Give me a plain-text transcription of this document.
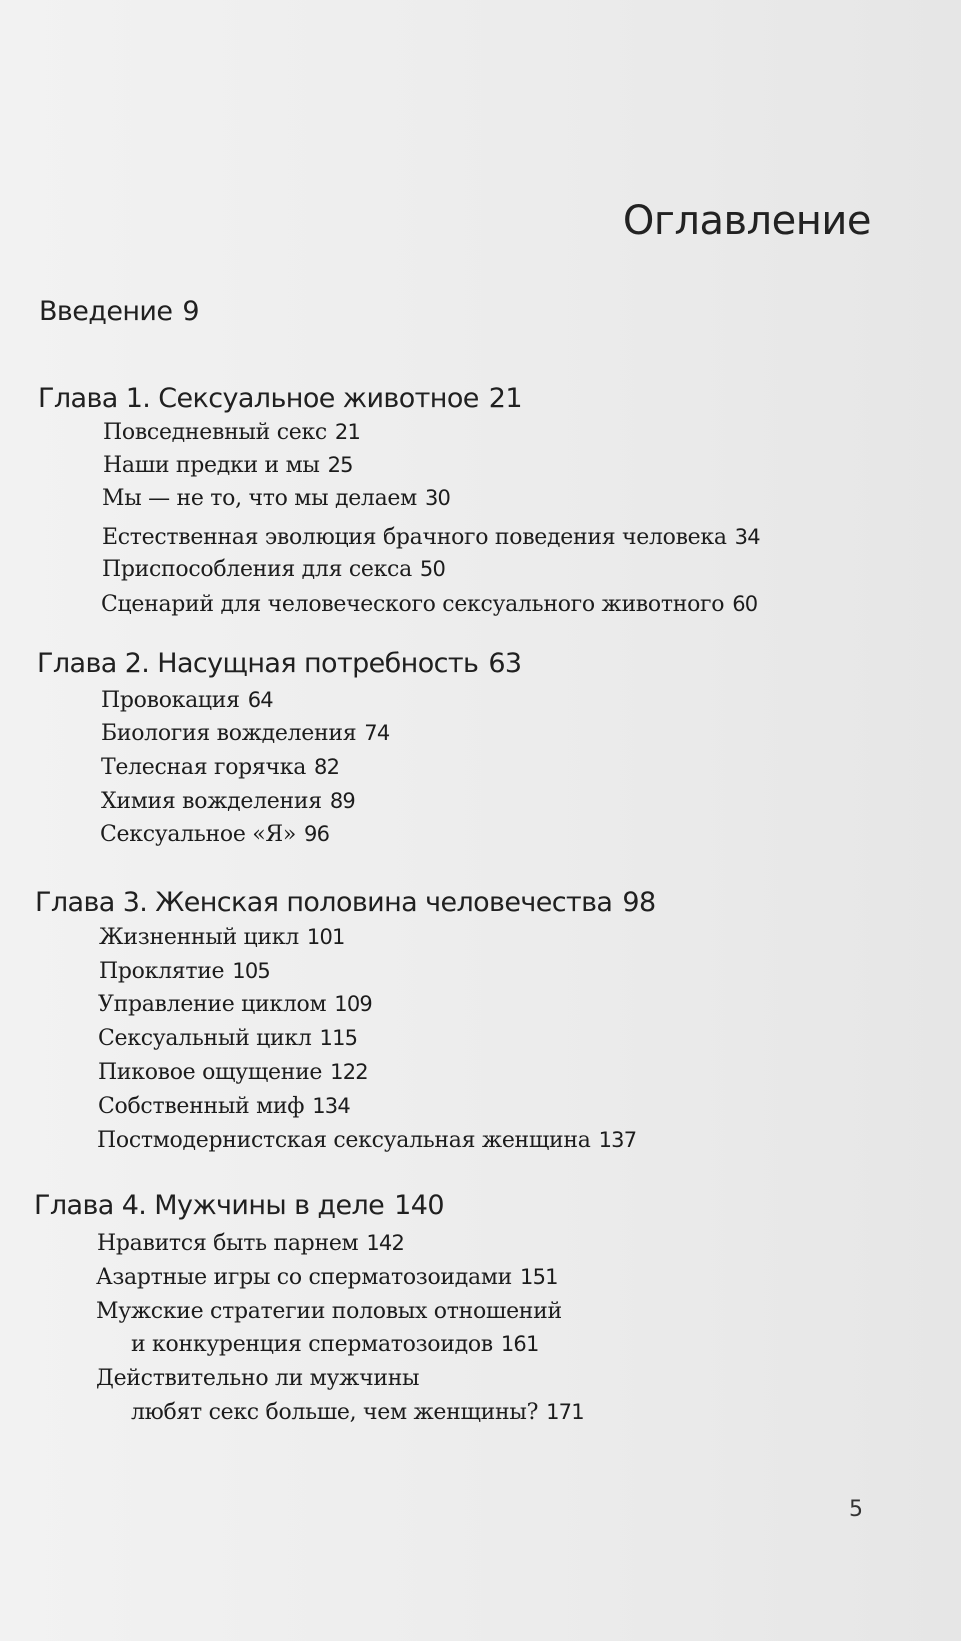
Оглавление
Введение 9
Глава 1. Сексуальное животное 21
Повседневный секс 21
Наши предки и мы 25
Мы — не то, что мы делаем 30
Естественная эволюция брачного поведения человека 34
Приспособления для секса 50
Сценарий для человеческого сексуального животного 60
Глава 2. Насущная потребность 63
Провокация 64
Биология вожделения 74
Телесная горячка 82
Химия вожделения 89
Сексуальное «Я» 96
Глава 3. Женская половина человечества 98
Жизненный цикл 101
Проклятие 105
Управление циклом 109
Сексуальный цикл 115
Пиковое ощущение 122
Собственный миф 134
Постмодернистская сексуальная женщина 137
Глава 4. Мужчины в деле 140
Нравится быть парнем 142
Азартные игры со сперматозоидами 151
Мужские стратегии половых отношений
и конкуренция сперматозоидов 161
Действительно ли мужчины
любят секс больше, чем женщины? 171
5
